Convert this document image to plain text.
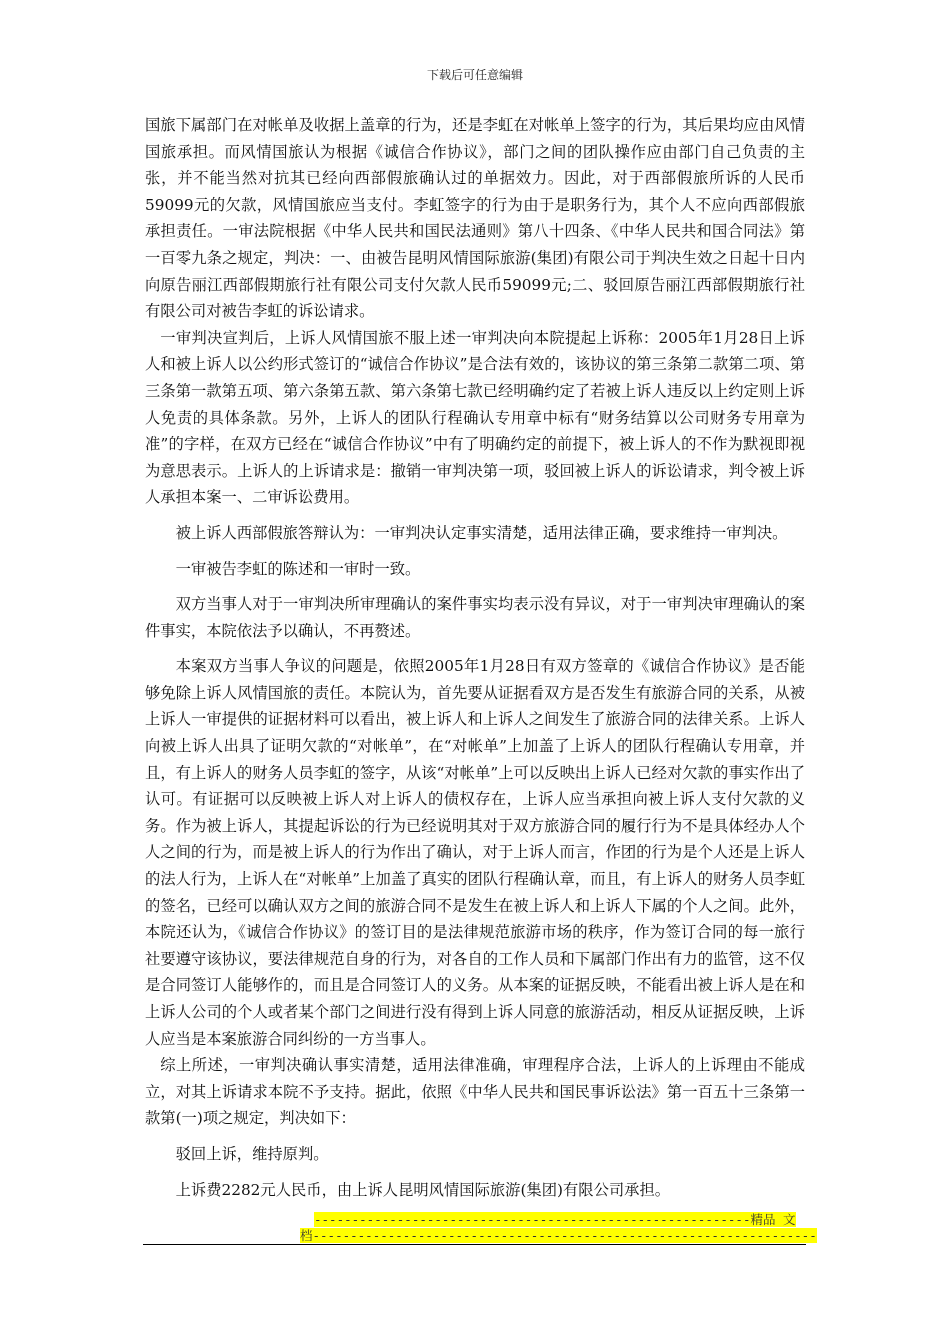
下载后可任意编辑

国旅下属部门在对帐单及收据上盖章的行为，还是李虹在对帐单上签字的行为，其后果均应由风情国旅承担。而风情国旅认为根据《诚信合作协议》，部门之间的团队操作应由部门自己负责的主张，并不能当然对抗其已经向西部假旅确认过的单据效力。因此，对于西部假旅所诉的人民币59099元的欠款，风情国旅应当支付。李虹签字的行为由于是职务行为，其个人不应向西部假旅承担责任。一审法院根据《中华人民共和国民法通则》第八十四条、《中华人民共和国合同法》第一百零九条之规定，判决：一、由被告昆明风情国际旅游(集团)有限公司于判决生效之日起十日内向原告丽江西部假期旅行社有限公司支付欠款人民币59099元;二、驳回原告丽江西部假期旅行社有限公司对被告李虹的诉讼请求。

一审判决宣判后，上诉人风情国旅不服上述一审判决向本院提起上诉称：2005年1月28日上诉人和被上诉人以公约形式签订的“诚信合作协议”是合法有效的，该协议的第三条第二款第二项、第三条第一款第五项、第六条第五款、第六条第七款已经明确约定了若被上诉人违反以上约定则上诉人免责的具体条款。另外，上诉人的团队行程确认专用章中标有“财务结算以公司财务专用章为准”的字样，在双方已经在“诚信合作协议”中有了明确约定的前提下，被上诉人的不作为默视即视为意思表示。上诉人的上诉请求是：撤销一审判决第一项，驳回被上诉人的诉讼请求，判令被上诉人承担本案一、二审诉讼费用。

被上诉人西部假旅答辩认为：一审判决认定事实清楚，适用法律正确，要求维持一审判决。

一审被告李虹的陈述和一审时一致。

双方当事人对于一审判决所审理确认的案件事实均表示没有异议，对于一审判决审理确认的案件事实，本院依法予以确认，不再赘述。

本案双方当事人争议的问题是，依照2005年1月28日有双方签章的《诚信合作协议》是否能够免除上诉人风情国旅的责任。本院认为，首先要从证据看双方是否发生有旅游合同的关系，从被上诉人一审提供的证据材料可以看出，被上诉人和上诉人之间发生了旅游合同的法律关系。上诉人向被上诉人出具了证明欠款的“对帐单”，在“对帐单”上加盖了上诉人的团队行程确认专用章，并且，有上诉人的财务人员李虹的签字，从该“对帐单”上可以反映出上诉人已经对欠款的事实作出了认可。有证据可以反映被上诉人对上诉人的债权存在，上诉人应当承担向被上诉人支付欠款的义务。作为被上诉人，其提起诉讼的行为已经说明其对于双方旅游合同的履行行为不是具体经办人个人之间的行为，而是被上诉人的行为作出了确认，对于上诉人而言，作团的行为是个人还是上诉人的法人行为，上诉人在“对帐单”上加盖了真实的团队行程确认章，而且，有上诉人的财务人员李虹的签名，已经可以确认双方之间的旅游合同不是发生在被上诉人和上诉人下属的个人之间。此外，本院还认为，《诚信合作协议》的签订目的是法律规范旅游市场的秩序，作为签订合同的每一旅行社要遵守该协议，要法律规范自身的行为，对各自的工作人员和下属部门作出有力的监管，这不仅是合同签订人能够作的，而且是合同签订人的义务。从本案的证据反映，不能看出被上诉人是在和上诉人公司的个人或者某个部门之间进行没有得到上诉人同意的旅游活动，相反从证据反映，上诉人应当是本案旅游合同纠纷的一方当事人。

综上所述，一审判决确认事实清楚，适用法律准确，审理程序合法，上诉人的上诉理由不能成立，对其上诉请求本院不予支持。据此，依照《中华人民共和国民事诉讼法》第一百五十三条第一款第(一)项之规定，判决如下：

驳回上诉，维持原判。

上诉费2282元人民币，由上诉人昆明风情国际旅游(集团)有限公司承担。

----------------------------------------------------------精品 文
档-------------------------------------------------------------------
